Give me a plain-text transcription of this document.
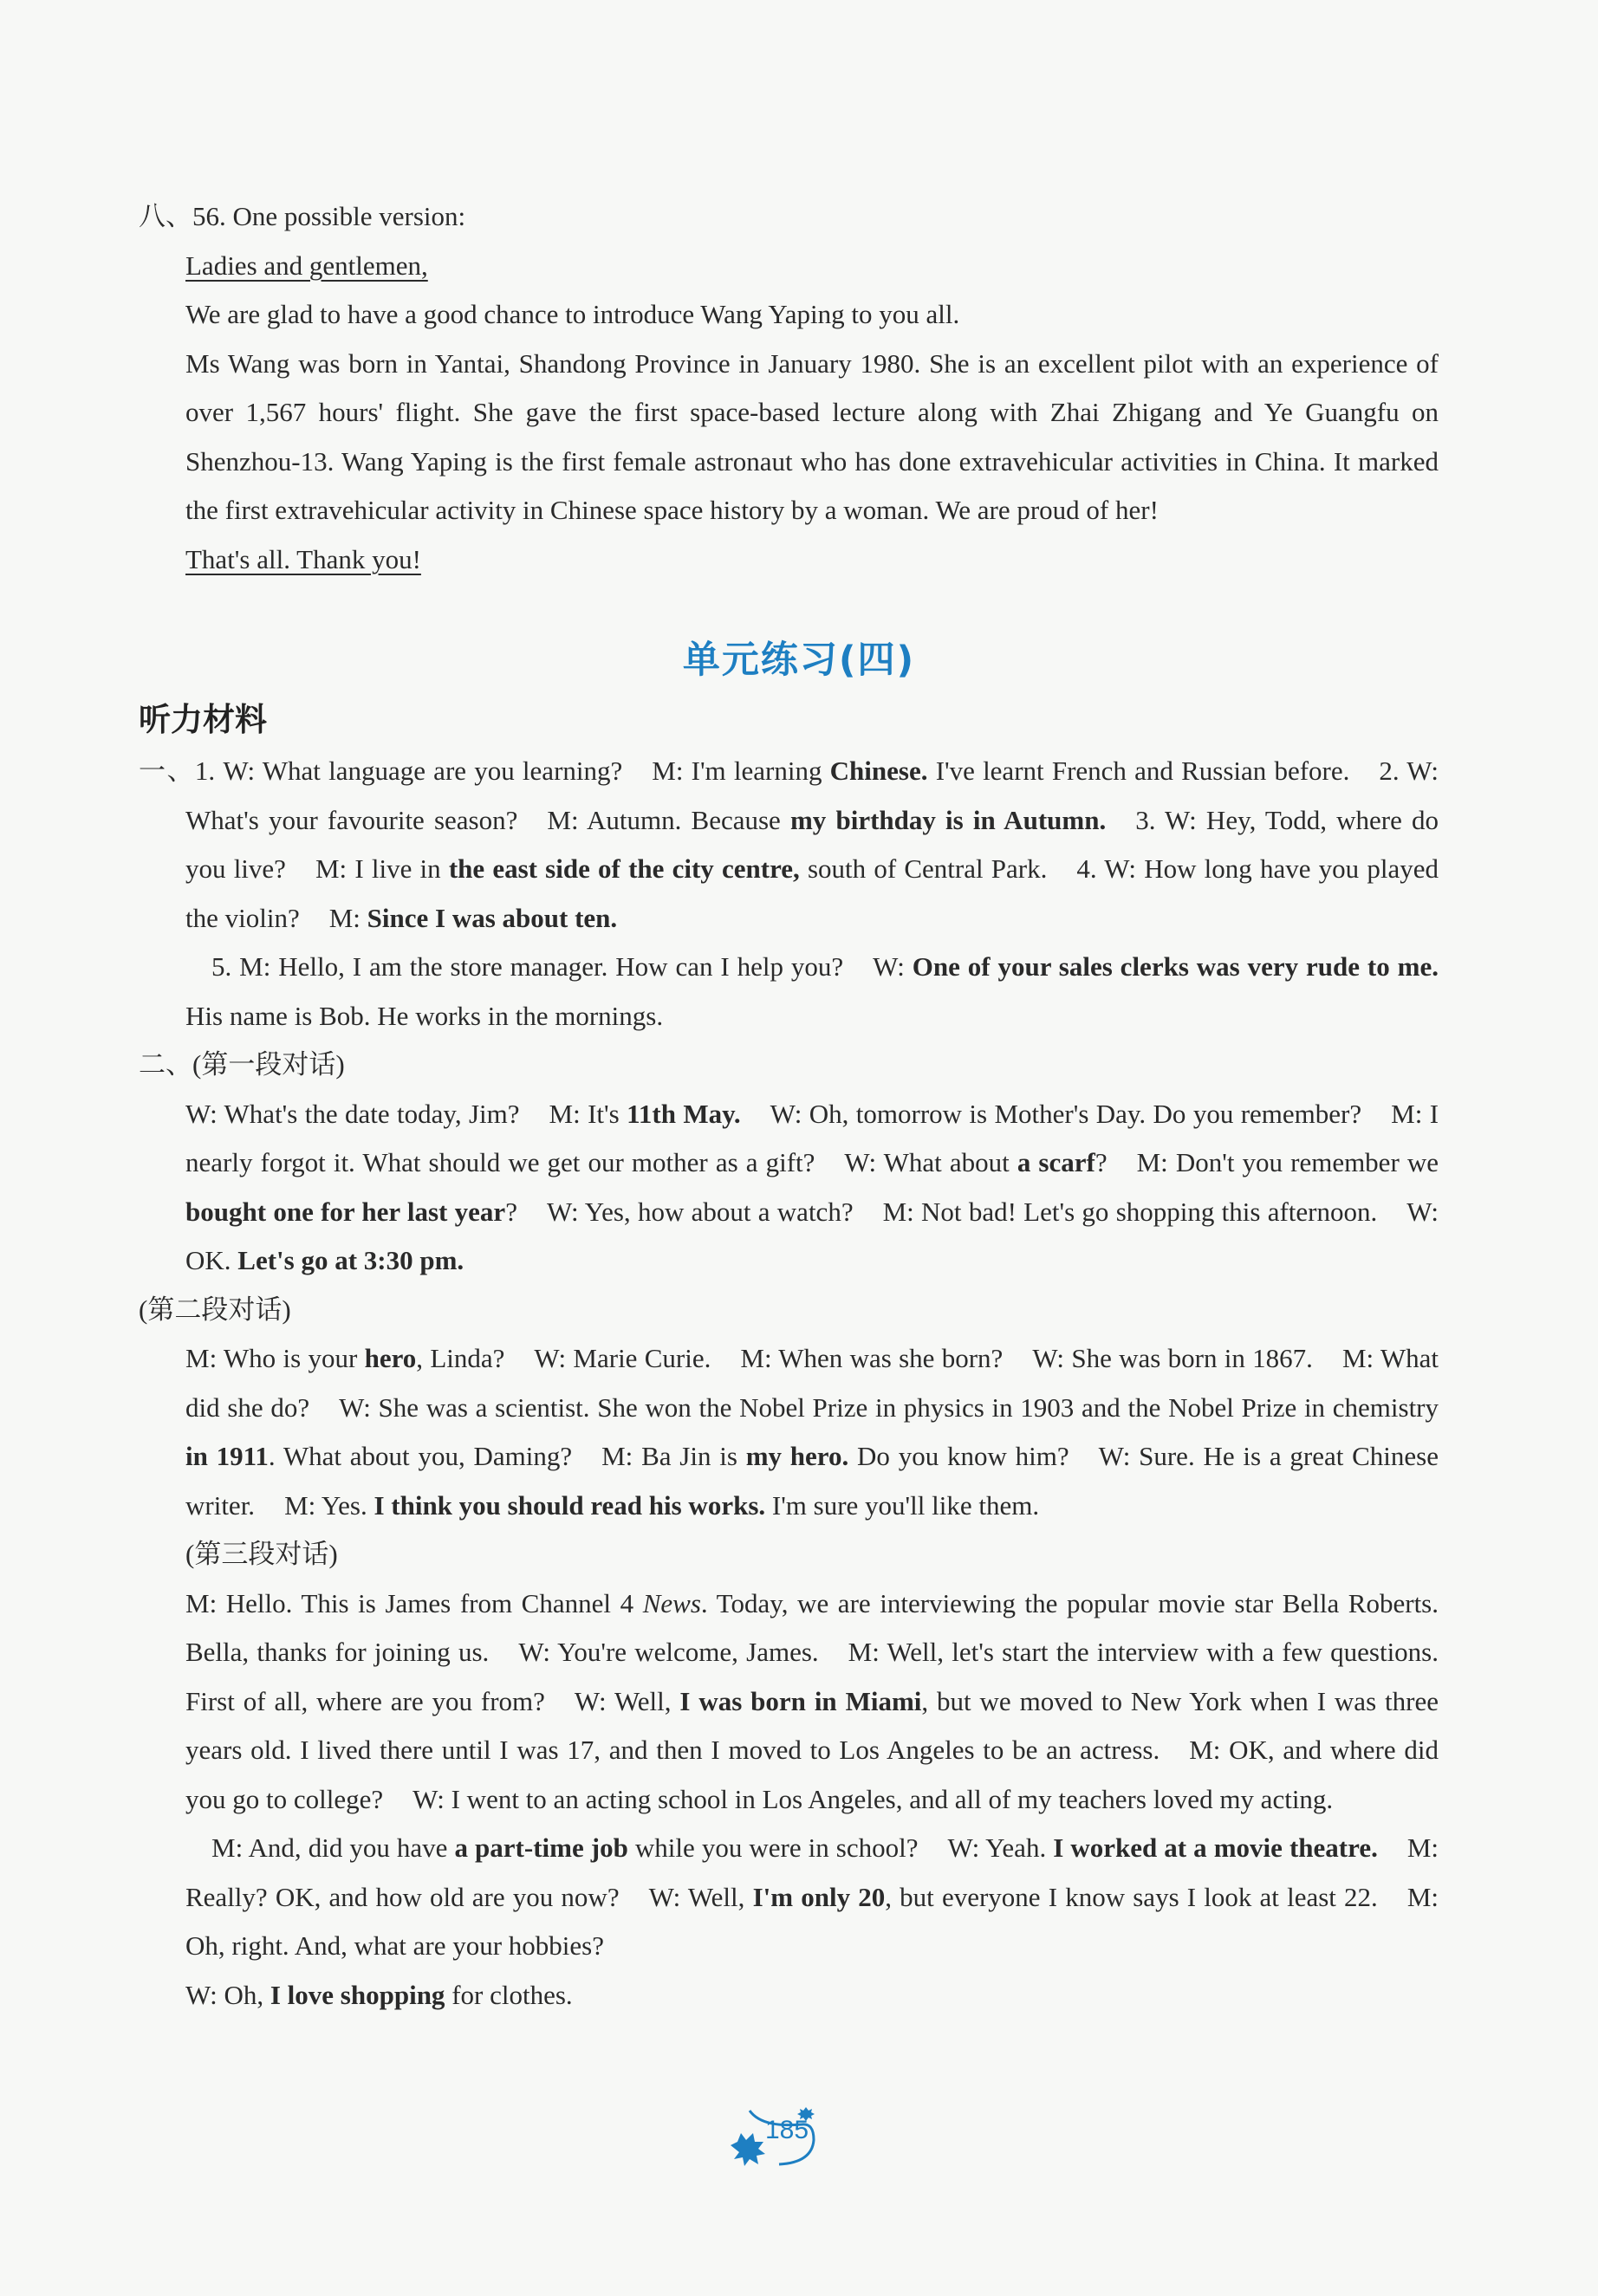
八、56. One possible version:

Ladies and gentlemen,

We are glad to have a good chance to introduce Wang Yaping to you all.

Ms Wang was born in Yantai, Shandong Province in January 1980. She is an excellent pilot with an experience of over 1,567 hours' flight. She gave the first space-based lecture along with Zhai Zhigang and Ye Guangfu on Shenzhou-13. Wang Yaping is the first female astronaut who has done extravehicular activities in China. It marked the first extravehicular activity in Chinese space history by a woman. We are proud of her!

That's all. Thank you!

单元练习(四)
听力材料

一、1. W: What language are you learning? M: I'm learning Chinese. I've learnt French and Russian before. 2. W: What's your favourite season? M: Autumn. Because my birthday is in Autumn. 3. W: Hey, Todd, where do you live? M: I live in the east side of the city centre, south of Central Park. 4. W: How long have you played the violin? M: Since I was about ten.

5. M: Hello, I am the store manager. How can I help you? W: One of your sales clerks was very rude to me. His name is Bob. He works in the mornings.

二、(第一段对话)

W: What's the date today, Jim? M: It's 11th May. W: Oh, tomorrow is Mother's Day. Do you remember? M: I nearly forgot it. What should we get our mother as a gift? W: What about a scarf? M: Don't you remember we bought one for her last year? W: Yes, how about a watch? M: Not bad! Let's go shopping this afternoon. W: OK. Let's go at 3:30 pm.

(第二段对话)

M: Who is your hero, Linda? W: Marie Curie. M: When was she born? W: She was born in 1867. M: What did she do? W: She was a scientist. She won the Nobel Prize in physics in 1903 and the Nobel Prize in chemistry in 1911. What about you, Daming? M: Ba Jin is my hero. Do you know him? W: Sure. He is a great Chinese writer. M: Yes. I think you should read his works. I'm sure you'll like them.

(第三段对话)

M: Hello. This is James from Channel 4 News. Today, we are interviewing the popular movie star Bella Roberts. Bella, thanks for joining us. W: You're welcome, James. M: Well, let's start the interview with a few questions. First of all, where are you from? W: Well, I was born in Miami, but we moved to New York when I was three years old. I lived there until I was 17, and then I moved to Los Angeles to be an actress. M: OK, and where did you go to college? W: I went to an acting school in Los Angeles, and all of my teachers loved my acting.

M: And, did you have a part-time job while you were in school? W: Yeah. I worked at a movie theatre. M: Really? OK, and how old are you now? W: Well, I'm only 20, but everyone I know says I look at least 22. M: Oh, right. And, what are your hobbies?

W: Oh, I love shopping for clothes.

185
